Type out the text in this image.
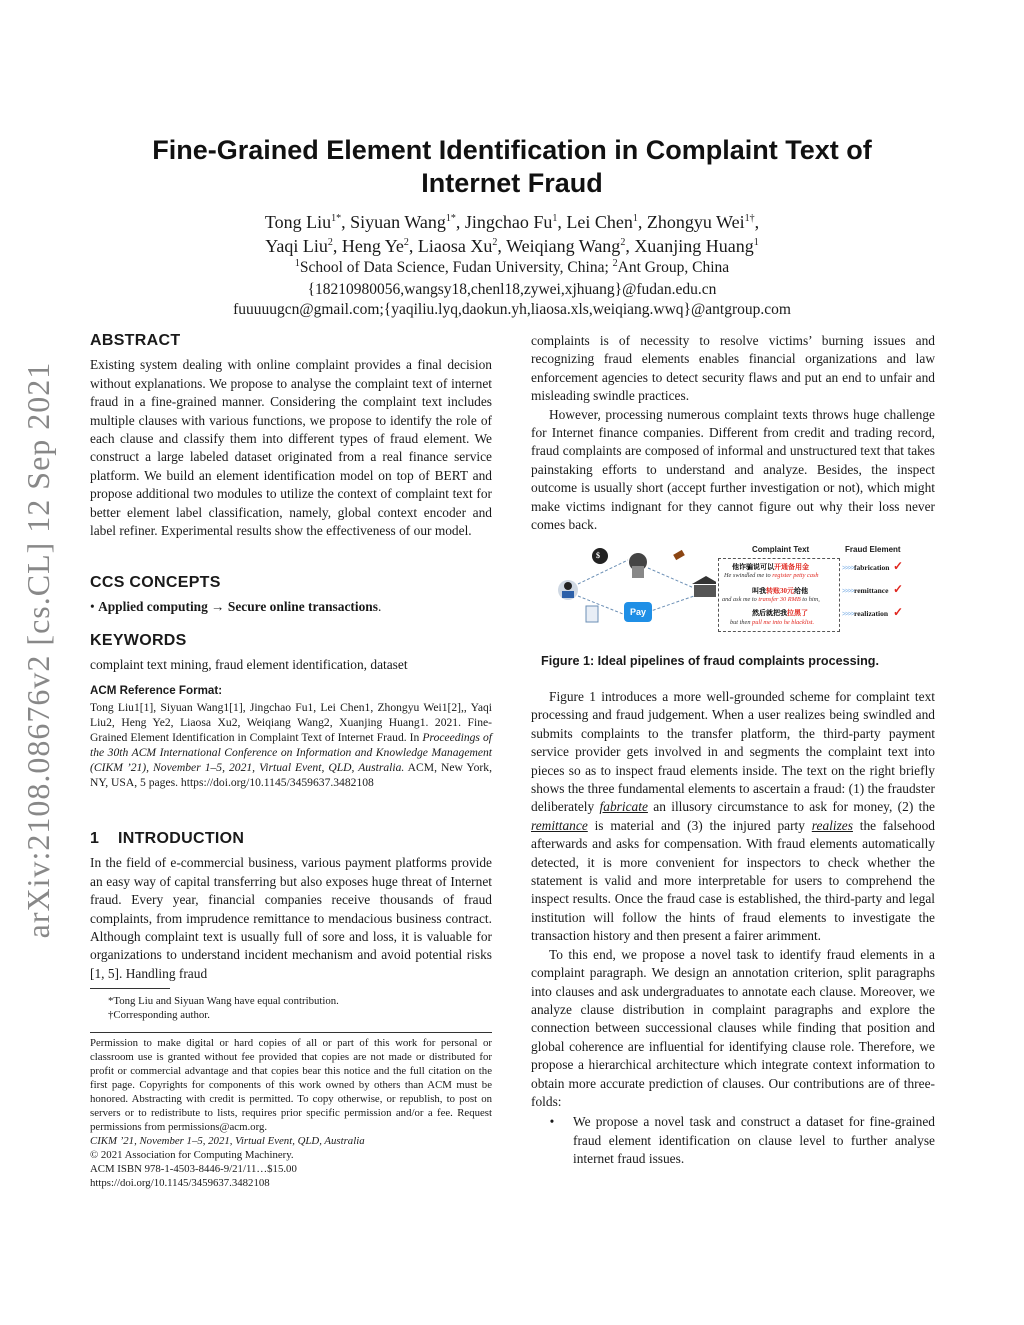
arXiv:2108.08676v2 [cs.CL] 12 Sep 2021
Fine-Grained Element Identification in Complaint Text of
Internet Fraud
Tong Liu$^{1*}$, Siyuan Wang$^{1*}$, Jingchao Fu$^1$, Lei Chen$^1$, Zhongyu Wei$^{1\dagger}$,
Yaqi Liu$^2$, Heng Ye$^2$, Liaosa Xu$^2$, Weiqiang Wang$^2$, Xuanjing Huang$^1$
$^1$School of Data Science, Fudan University, China; $^2$Ant Group, China
{18210980056,wangsy18,chenl18,zywei,xjhuang}@fudan.edu.cn
fuuuuugcn@gmail.com;{yaqiliu.lyq,daokun.yh,liaosa.xls,weiqiang.wwq}@antgroup.com
ABSTRACT

Existing system dealing with online complaint provides a final decision without explanations. We propose to analyse the complaint text of internet fraud in a fine-grained manner. Considering the complaint text includes multiple clauses with various functions, we propose to identify the role of each clause and classify them into different types of fraud element. We construct a large labeled dataset originated from a real finance service platform. We build an element identification model on top of BERT and propose additional two modules to utilize the context of complaint text for better element label classification, namely, global context encoder and label refiner. Experimental results show the effectiveness of our model.

CCS CONCEPTS

• Applied computing → Secure online transactions.

KEYWORDS

complaint text mining, fraud element identification, dataset

ACM Reference Format:

Tong Liu1[1], Siyuan Wang1[1], Jingchao Fu1, Lei Chen1, Zhongyu Wei1[2],, Yaqi Liu2, Heng Ye2, Liaosa Xu2, Weiqiang Wang2, Xuanjing Huang1. 2021. Fine-Grained Element Identification in Complaint Text of Internet Fraud. In Proceedings of the 30th ACM International Conference on Information and Knowledge Management (CIKM ’21), November 1–5, 2021, Virtual Event, QLD, Australia. ACM, New York, NY, USA, 5 pages. https://doi.org/10.1145/3459637.3482108

1 INTRODUCTION

In the field of e-commercial business, various payment platforms provide an easy way of capital transferring but also exposes huge threat of Internet fraud. Every year, financial companies receive thousands of fraud complaints, from imprudence remittance to mendacious business contract. Although complaint text is usually full of sore and loss, it is valuable for organizations to understand incident mechanism and avoid potential risks [1, 5]. Handling fraud

*Tong Liu and Siyuan Wang have equal contribution.
†Corresponding author.

Permission to make digital or hard copies of all or part of this work for personal or classroom use is granted without fee provided that copies are not made or distributed for profit or commercial advantage and that copies bear this notice and the full citation on the first page. Copyrights for components of this work owned by others than ACM must be honored. Abstracting with credit is permitted. To copy otherwise, or republish, to post on servers or to redistribute to lists, requires prior specific permission and/or a fee. Request permissions from permissions@acm.org.

CIKM ’21, November 1–5, 2021, Virtual Event, QLD, Australia

© 2021 Association for Computing Machinery.

ACM ISBN 978-1-4503-8446-9/21/11…$15.00

https://doi.org/10.1145/3459637.3482108

complaints is of necessity to resolve victims’ burning issues and recognizing fraud elements enables financial organizations and law enforcement agencies to detect security flaws and put an end to unfair and misleading swindle practices.

However, processing numerous complaint texts throws huge challenge for Internet finance companies. Different from credit and trading record, fraud complaints are composed of informal and unstructured text that takes painstaking efforts to understand and analyze. Besides, the inspect outcome is usually short (accept further investigation or not), which might make victims indignant for they cannot figure out why their loss never comes back.

$
Pay
Complaint Text	Fraud Element
他诈骗说可以开通备用金
He swindled me to register petty cash
叫我转账30元给他
and ask me to transfer 30 RMB to him,
然后就把我拉黑了
but then pull me into he blacklist.
>>>>
>>>>
>>>>
fabrication
remittance
realization
✓
✓
✓
Figure 1: Ideal pipelines of fraud complaints processing.

Figure 1 introduces a more well-grounded scheme for complaint text processing and fraud judgement. When a user realizes being swindled and submits complaints to the transfer platform, the third-party payment service provider gets involved in and segments the complaint text into pieces so as to inspect fraud elements inside. The text on the right briefly shows the three fundamental elements to ascertain a fraud: (1) the fraudster deliberately fabricate an illusory circumstance to ask for money, (2) the remittance is material and (3) the injured party realizes the falsehood afterwards and asks for compensation. With fraud elements automatically detected, it is more convenient for inspectors to check whether the statement is valid and more interpretable for users to comprehend the inspect results. Once the fraud case is established, the third-party and legal institution will follow the hints of fraud elements to investigate the transaction history and then present a fairer arimment.

To this end, we propose a novel task to identify fraud elements in a complaint paragraph. We design an annotation criterion, split paragraphs into clauses and ask undergraduates to annotate each clause. Moreover, we analyze clause distribution in complaint paragraphs and explore the connection between successional clauses while finding that position and global coherence are influential for identifying clause role. Therefore, we propose a hierarchical architecture which integrate context information to obtain more accurate prediction of clauses. Our contributions are of three-folds:

•	We propose a novel task and construct a dataset for fine-grained fraud element identification on clause level to further analyse internet fraud issues.
